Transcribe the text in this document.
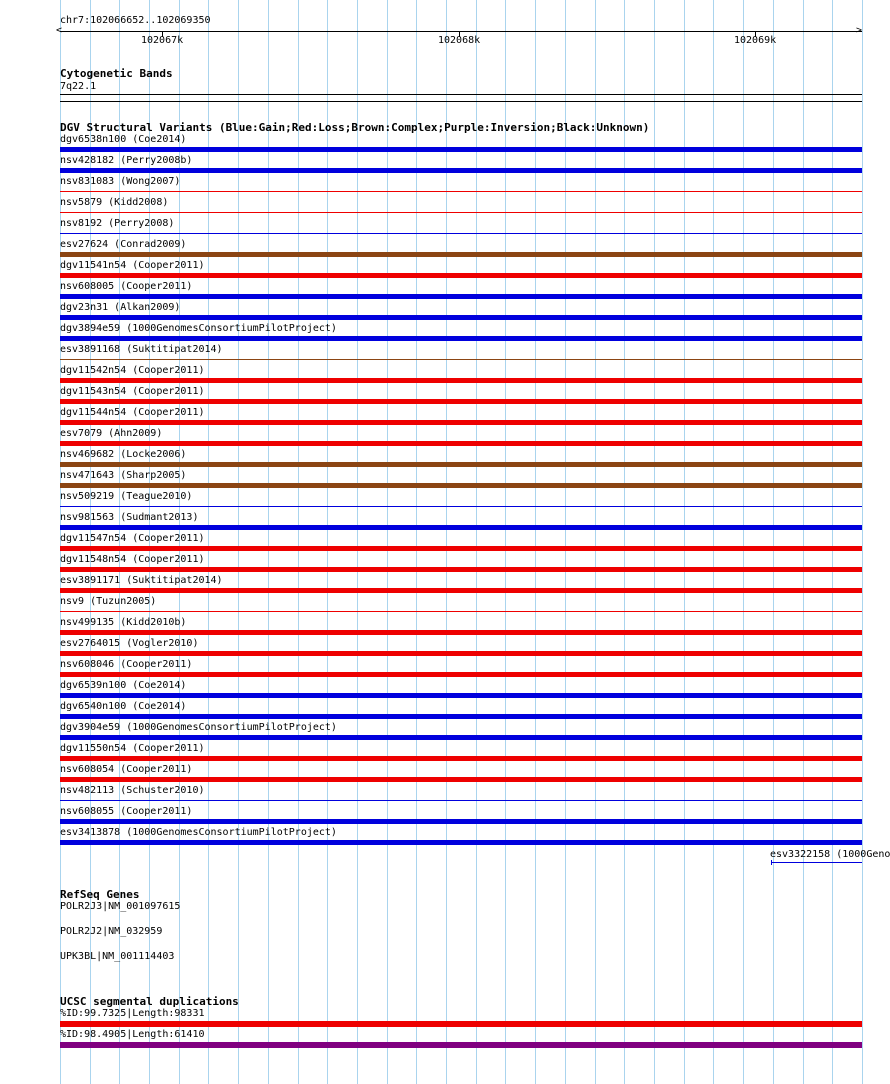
chr7:102066652..102069350
<	>
102067k	102068k	102069k
Cytogenetic Bands
7q22.1
DGV Structural Variants (Blue:Gain;Red:Loss;Brown:Complex;Purple:Inversion;Black:Unknown)
dgv6538n100 (Coe2014)
nsv428182 (Perry2008b)
nsv831083 (Wong2007)
nsv5879 (Kidd2008)
nsv8192 (Perry2008)
esv27624 (Conrad2009)
dgv11541n54 (Cooper2011)
nsv608005 (Cooper2011)
dgv23n31 (Alkan2009)
dgv3894e59 (1000GenomesConsortiumPilotProject)
esv3891168 (Suktitipat2014)
dgv11542n54 (Cooper2011)
dgv11543n54 (Cooper2011)
dgv11544n54 (Cooper2011)
esv7079 (Ahn2009)
nsv469682 (Locke2006)
nsv471643 (Sharp2005)
nsv509219 (Teague2010)
nsv981563 (Sudmant2013)
dgv11547n54 (Cooper2011)
dgv11548n54 (Cooper2011)
esv3891171 (Suktitipat2014)
nsv9 (Tuzun2005)
nsv499135 (Kidd2010b)
esv2764015 (Vogler2010)
nsv608046 (Cooper2011)
dgv6539n100 (Coe2014)
dgv6540n100 (Coe2014)
dgv3904e59 (1000GenomesConsortiumPilotProject)
dgv11550n54 (Cooper2011)
nsv608054 (Cooper2011)
nsv482113 (Schuster2010)
nsv608055 (Cooper2011)
esv3413878 (1000GenomesConsortiumPilotProject)
esv3322158 (1000Geno
RefSeq Genes
POLR2J3|NM_001097615
POLR2J2|NM_032959
UPK3BL|NM_001114403
UCSC segmental duplications
%ID:99.7325|Length:98331
%ID:98.4905|Length:61410
